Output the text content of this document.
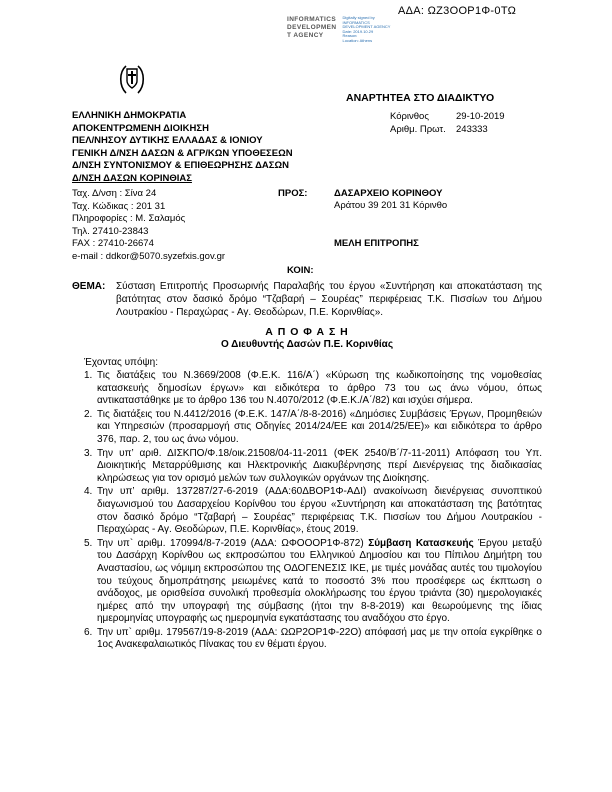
ΑΔΑ: ΩΖ3ΟΟΡ1Φ-0ΤΩ
INFORMATICS
DEVELOPMEN
T AGENCY
Digitally signed by
INFORMATICS
DEVELOPMENT AGENCY
Date: 2019.10.29
Reason:
Location: Athens
ΑΝΑΡΤΗΤΕΑ ΣΤΟ ΔΙΑΔΙΚΤΥΟ
ΕΛΛΗΝΙΚΗ ΔΗΜΟΚΡΑΤΙΑ
ΑΠΟΚΕΝΤΡΩΜΕΝΗ ΔΙΟΙΚΗΣΗ
ΠΕΛ/ΝΗΣΟΥ ΔΥΤΙΚΗΣ ΕΛΛΑΔΑΣ & ΙΟΝΙΟΥ
ΓΕΝΙΚΗ Δ/ΝΣΗ ΔΑΣΩΝ & ΑΓΡ/ΚΩΝ ΥΠΟΘΕΣΕΩΝ
Δ/ΝΣΗ ΣΥΝΤΟΝΙΣΜΟΥ & ΕΠΙΘΕΩΡΗΣΗΣ ΔΑΣΩΝ
Δ/ΝΣΗ ΔΑΣΩΝ ΚΟΡΙΝΘΙΑΣ
Κόρινθος	29-10-2019
Αριθμ. Πρωτ.	243333
Ταχ. Δ/νση : Σίνα 24
Ταχ. Κώδικας : 201 31
Πληροφορίες : Μ. Σαλαμός
Τηλ. 27410-23843
FAX : 27410-26674
e-mail : ddkor@5070.syzefxis.gov.gr
ΠΡΟΣ:	ΔΑΣΑΡΧΕΙΟ ΚΟΡΙΝΘΟΥ
Αράτου 39 201 31 Κόρινθο
ΜΕΛΗ ΕΠΙΤΡΟΠΗΣ
ΚΟΙΝ:
ΘΕΜΑ:	Σύσταση Επιτροπής Προσωρινής Παραλαβής του έργου «Συντήρηση και αποκατάσταση της βατότητας στον δασικό δρόμο “Τζαβαρή – Σουρέας” περιφέρειας Τ.Κ. Πισσίων του Δήμου Λουτρακίου - Περαχώρας - Αγ. Θεοδώρων, Π.Ε. Κορινθίας».
Α Π Ο Φ Α Σ Η
Ο Διευθυντής Δασών Π.Ε. Κορινθίας
Έχοντας υπόψη:
1. Τις διατάξεις του Ν.3669/2008 (Φ.Ε.Κ. 116/Α΄) «Κύρωση της κωδικοποίησης της νομοθεσίας κατασκευής δημοσίων έργων» και ειδικότερα το άρθρο 73 του ως άνω νόμου, όπως αντικαταστάθηκε με το άρθρο 136 του Ν.4070/2012 (Φ.Ε.Κ./Α΄/82) και ισχύει σήμερα.
2. Τις διατάξεις του Ν.4412/2016 (Φ.Ε.Κ. 147/Α΄/8-8-2016) «Δημόσιες Συμβάσεις Έργων, Προμηθειών και Υπηρεσιών (προσαρμογή στις Οδηγίες 2014/24/ΕΕ και 2014/25/ΕΕ)» και ειδικότερα το άρθρο 376, παρ. 2, του ως άνω νόμου.
3. Την υπ’ αριθ. ΔΙΣΚΠΟ/Φ.18/οικ.21508/04-11-2011 (ΦΕΚ 2540/Β΄/7-11-2011) Απόφαση του Υπ. Διοικητικής Μεταρρύθμισης και Ηλεκτρονικής Διακυβέρνησης περί Διενέργειας της διαδικασίας κληρώσεως για τον ορισμό μελών των συλλογικών οργάνων της Διοίκησης.
4. Την υπ’ αριθμ. 137287/27-6-2019 (ΑΔΑ:60ΔΒΟΡ1Φ-ΑΔΙ) ανακοίνωση διενέργειας συνοπτικού διαγωνισμού του Δασαρχείου Κορίνθου του έργου «Συντήρηση και αποκατάσταση της βατότητας στον δασικό δρόμο “Τζαβαρή – Σουρέας” περιφέρειας Τ.Κ. Πισσίων του Δήμου Λουτρακίου - Περαχώρας - Αγ. Θεοδώρων, Π.Ε. Κορινθίας», έτους 2019.
5. Την υπ` αριθμ. 170994/8-7-2019 (ΑΔΑ: ΩΦΟΟΟΡ1Φ-872) Σύμβαση Κατασκευής Έργου μεταξύ του Δασάρχη Κορίνθου ως εκπροσώπου του Ελληνικού Δημοσίου και του Πίπιλου Δημήτρη του Αναστασίου, ως νόμιμη εκπροσώπου της ΟΔΟΓΕΝΕΣΙΣ ΙΚΕ, με τιμές μονάδας αυτές του τιμολογίου του τεύχους δημοπράτησης μειωμένες κατά το ποσοστό 3% που προσέφερε ως έκπτωση ο ανάδοχος, με ορισθείσα συνολική προθεσμία ολοκλήρωσης του έργου τριάντα (30) ημερολογιακές ημέρες από την υπογραφή της σύμβασης (ήτοι την 8-8-2019) και θεωρούμενης της ίδιας ημερομηνίας υπογραφής ως ημερομηνία εγκατάστασης του αναδόχου στο έργο.
6. Την υπ` αριθμ. 179567/19-8-2019 (ΑΔΑ: ΩΩΡ2ΟΡ1Φ-22Ο) απόφασή μας με την οποία εγκρίθηκε ο 1ος Ανακεφαλαιωτικός Πίνακας του εν θέματι έργου.
